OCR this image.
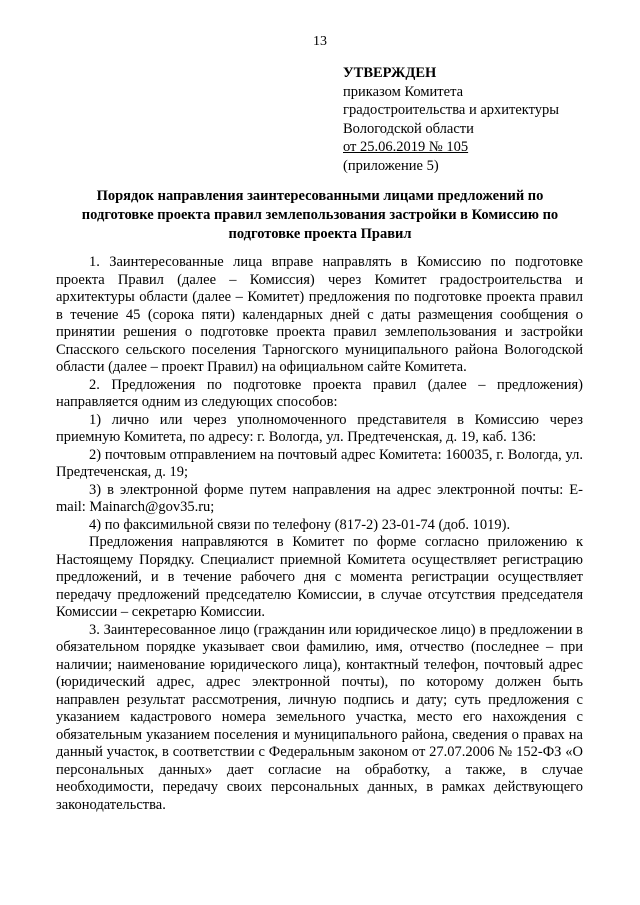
13
УТВЕРЖДЕН
приказом Комитета
градостроительства и архитектуры
Вологодской области
от 25.06.2019 № 105
(приложение 5)
Порядок направления заинтересованными лицами предложений по
подготовке проекта правил землепользования застройки в Комиссию по
подготовке проекта Правил

1. Заинтересованные лица вправе направлять в Комиссию по подготовке проекта Правил (далее – Комиссия) через Комитет градостроительства и архитектуры области (далее – Комитет) предложения по подготовке проекта правил в течение 45 (сорока пяти) календарных дней с даты размещения сообщения о принятии решения о подготовке проекта правил землепользования и застройки Спасского сельского поселения Тарногского муниципального района Вологодской области (далее – проект Правил) на официальном сайте Комитета.

2. Предложения по подготовке проекта правил (далее – предложения) направляется одним из следующих способов:

1) лично или через уполномоченного представителя в Комиссию через приемную Комитета, по адресу: г. Вологда, ул. Предтеченская, д. 19, каб. 136:

2) почтовым отправлением на почтовый адрес Комитета: 160035, г. Вологда, ул. Предтеченская, д. 19;

3) в электронной форме путем направления на адрес электронной почты: E-mail: Mainarch@gov35.ru;

4) по факсимильной связи по телефону (817-2) 23-01-74 (доб. 1019).

Предложения направляются в Комитет по форме согласно приложению к Настоящему Порядку. Специалист приемной Комитета осуществляет регистрацию предложений, и в течение рабочего дня с момента регистрации осуществляет передачу предложений председателю Комиссии, в случае отсутствия председателя Комиссии – секретарю Комиссии.

3. Заинтересованное лицо (гражданин или юридическое лицо) в предложении в обязательном порядке указывает свои фамилию, имя, отчество (последнее – при наличии; наименование юридического лица), контактный телефон, почтовый адрес (юридический адрес, адрес электронной почты), по которому должен быть направлен результат рассмотрения, личную подпись и дату; суть предложения с указанием кадастрового номера земельного участка, место его нахождения с обязательным указанием поселения и муниципального района, сведения о правах на данный участок, в соответствии с Федеральным законом от 27.07.2006 № 152-ФЗ «О персональных данных» дает согласие на обработку, а также, в случае необходимости, передачу своих персональных данных, в рамках действующего законодательства.
